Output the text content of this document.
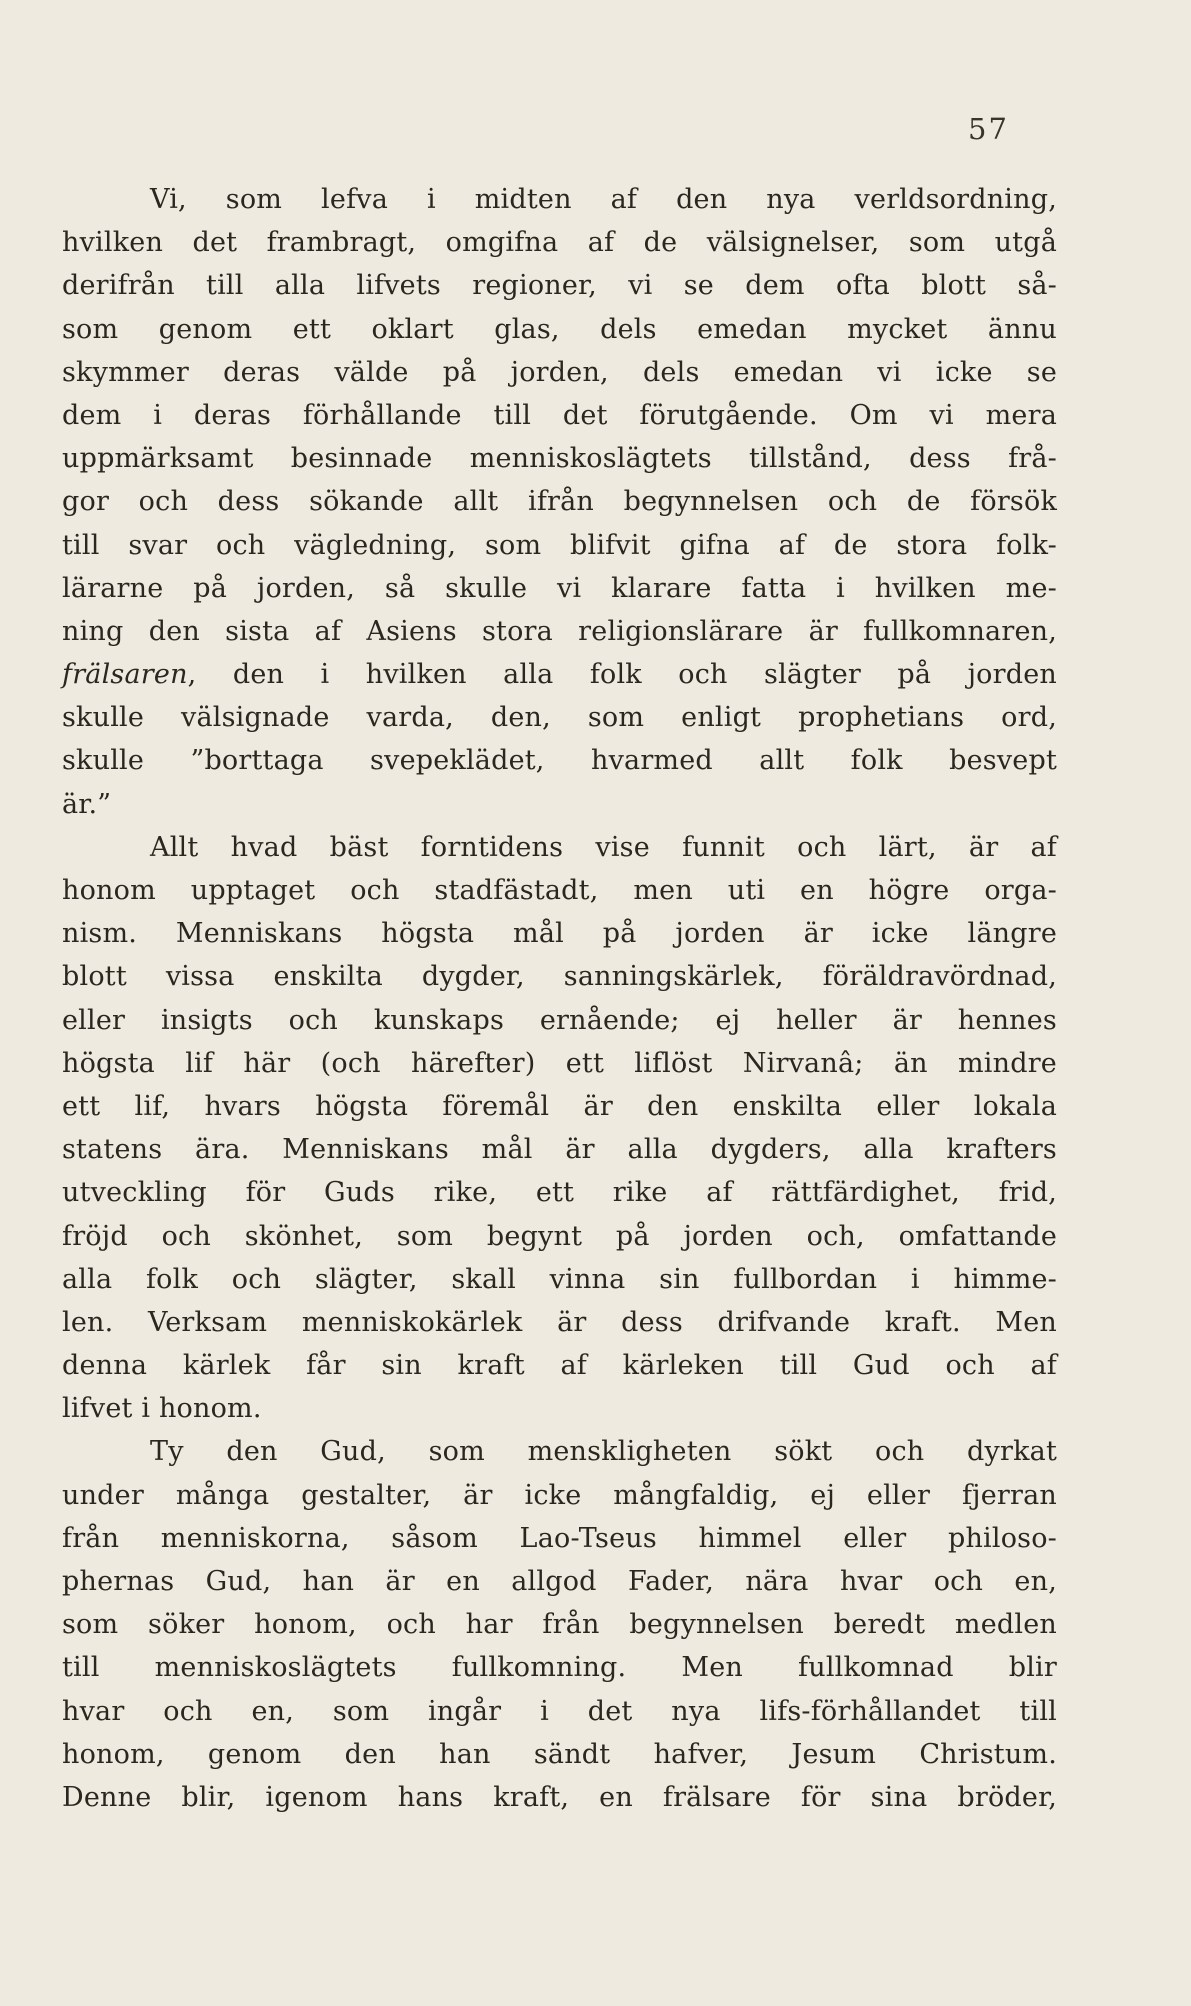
57
Vi, som lefva i midten af den nya verldsordning,
hvilken det frambragt, omgifna af de välsignelser, som utgå
derifrån till alla lifvets regioner, vi se dem ofta blott så-
som genom ett oklart glas, dels emedan mycket ännu
skymmer deras välde på jorden, dels emedan vi icke se
dem i deras förhållande till det förutgående. Om vi mera
uppmärksamt besinnade menniskoslägtets tillstånd, dess frå-
gor och dess sökande allt ifrån begynnelsen och de försök
till svar och vägledning, som blifvit gifna af de stora folk-
lärarne på jorden, så skulle vi klarare fatta i hvilken me-
ning den sista af Asiens stora religionslärare är fullkomnaren,
frälsaren, den i hvilken alla folk och slägter på jorden
skulle välsignade varda, den, som enligt prophetians ord,
skulle ”borttaga svepeklädet, hvarmed allt folk besvept
är.”
Allt hvad bäst forntidens vise funnit och lärt, är af
honom upptaget och stadfästadt, men uti en högre orga-
nism. Menniskans högsta mål på jorden är icke längre
blott vissa enskilta dygder, sanningskärlek, föräldravördnad,
eller insigts och kunskaps ernående; ej heller är hennes
högsta lif här (och härefter) ett liflöst Nirvanâ; än mindre
ett lif, hvars högsta föremål är den enskilta eller lokala
statens ära. Menniskans mål är alla dygders, alla krafters
utveckling för Guds rike, ett rike af rättfärdighet, frid,
fröjd och skönhet, som begynt på jorden och, omfattande
alla folk och slägter, skall vinna sin fullbordan i himme-
len. Verksam menniskokärlek är dess drifvande kraft. Men
denna kärlek får sin kraft af kärleken till Gud och af
lifvet i honom.
Ty den Gud, som menskligheten sökt och dyrkat
under många gestalter, är icke mångfaldig, ej eller fjerran
från menniskorna, såsom Lao-Tseus himmel eller philoso-
phernas Gud, han är en allgod Fader, nära hvar och en,
som söker honom, och har från begynnelsen beredt medlen
till menniskoslägtets fullkomning. Men fullkomnad blir
hvar och en, som ingår i det nya lifs-förhållandet till
honom, genom den han sändt hafver, Jesum Christum.
Denne blir, igenom hans kraft, en frälsare för sina bröder,
